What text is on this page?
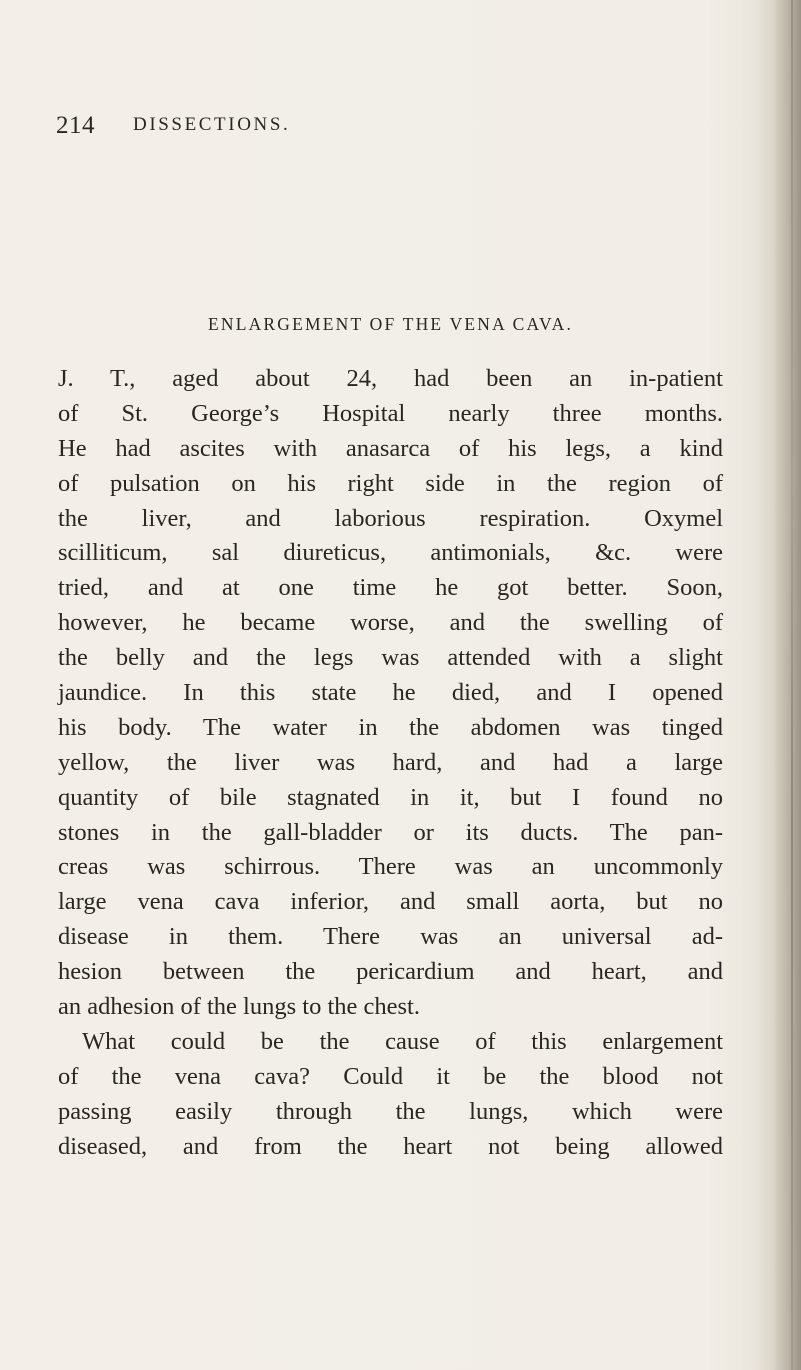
214 DISSECTIONS.
ENLARGEMENT OF THE VENA CAVA.
J. T., aged about 24, had been an in-patient
of St. George’s Hospital nearly three months.
He had ascites with anasarca of his legs, a kind
of pulsation on his right side in the region of
the liver, and laborious respiration. Oxymel
scilliticum, sal diureticus, antimonials, &c. were
tried, and at one time he got better. Soon,
however, he became worse, and the swelling of
the belly and the legs was attended with a slight
jaundice. In this state he died, and I opened
his body. The water in the abdomen was tinged
yellow, the liver was hard, and had a large
quantity of bile stagnated in it, but I found no
stones in the gall-bladder or its ducts. The pan-
creas was schirrous. There was an uncommonly
large vena cava inferior, and small aorta, but no
disease in them. There was an universal ad-
hesion between the pericardium and heart, and
an adhesion of the lungs to the chest.
What could be the cause of this enlargement
of the vena cava? Could it be the blood not
passing easily through the lungs, which were
diseased, and from the heart not being allowed
